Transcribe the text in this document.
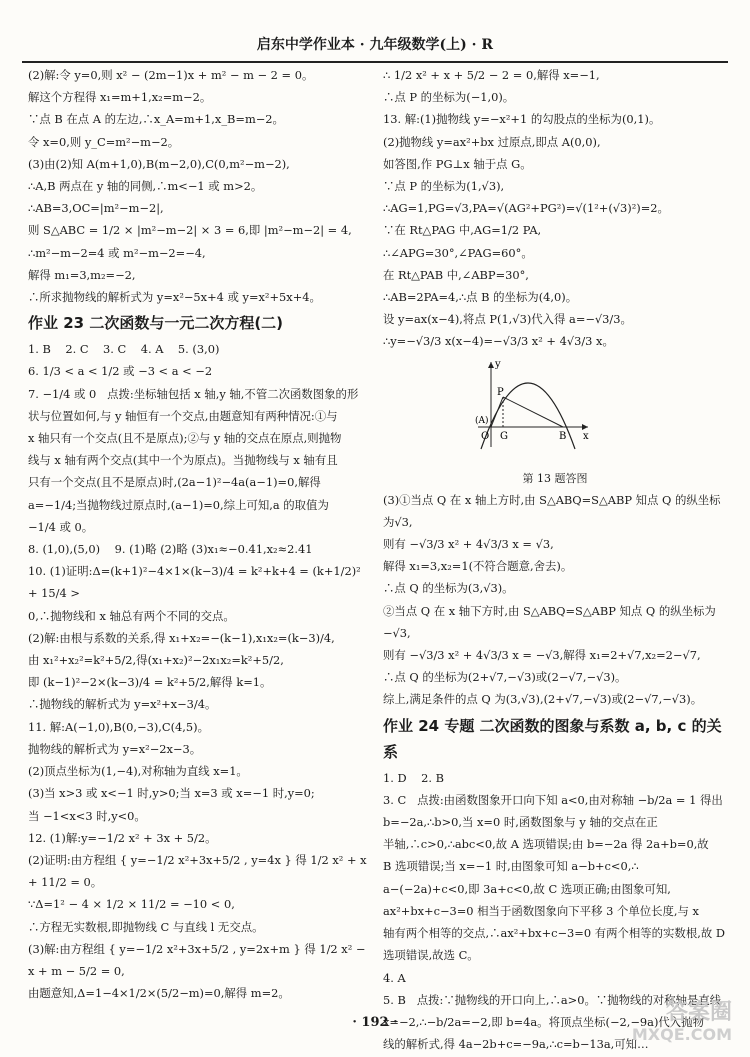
启东中学作业本 · 九年级数学(上) · R
(2)解:令 y=0,则 x² − (2m−1)x + m² − m − 2 = 0。
解这个方程得 x₁=m+1,x₂=m−2。
∵点 B 在点 A 的左边,∴x_A=m+1,x_B=m−2。
令 x=0,则 y_C=m²−m−2。
(3)由(2)知 A(m+1,0),B(m−2,0),C(0,m²−m−2),
∴A,B 两点在 y 轴的同侧,∴m<−1 或 m>2。
∴AB=3,OC=|m²−m−2|,
则 S△ABC = 1/2 × |m²−m−2| × 3 = 6,即 |m²−m−2| = 4,
∴m²−m−2=4 或 m²−m−2=−4,
解得 m₁=3,m₂=−2,
∴所求抛物线的解析式为 y=x²−5x+4 或 y=x²+5x+4。
作业 23 二次函数与一元二次方程(二)
1. B    2. C    3. C    4. A    5. (3,0)
6. 1/3 < a < 1/2 或 −3 < a < −2
7. −1/4 或 0   点拨:坐标轴包括 x 轴,y 轴,不管二次函数图象的形
状与位置如何,与 y 轴恒有一个交点,由题意知有两种情况:①与
x 轴只有一个交点(且不是原点);②与 y 轴的交点在原点,则抛物
线与 x 轴有两个交点(其中一个为原点)。当抛物线与 x 轴有且
只有一个交点(且不是原点)时,(2a−1)²−4a(a−1)=0,解得
a=−1/4;当抛物线过原点时,(a−1)=0,综上可知,a 的取值为
−1/4 或 0。
8. (1,0),(5,0)    9. (1)略 (2)略 (3)x₁≈−0.41,x₂≈2.41
10. (1)证明:Δ=(k+1)²−4×1×(k−3)/4 = k²+k+4 = (k+1/2)² + 15/4 >
0,∴抛物线和 x 轴总有两个不同的交点。
(2)解:由根与系数的关系,得 x₁+x₂=−(k−1),x₁x₂=(k−3)/4,
由 x₁²+x₂²=k²+5/2,得(x₁+x₂)²−2x₁x₂=k²+5/2,
即 (k−1)²−2×(k−3)/4 = k²+5/2,解得 k=1。
∴抛物线的解析式为 y=x²+x−3/4。
11. 解:A(−1,0),B(0,−3),C(4,5)。
抛物线的解析式为 y=x²−2x−3。
(2)顶点坐标为(1,−4),对称轴为直线 x=1。
(3)当 x>3 或 x<−1 时,y>0;当 x=3 或 x=−1 时,y=0;
当 −1<x<3 时,y<0。
12. (1)解:y=−1/2 x² + 3x + 5/2。
(2)证明:由方程组 { y=−1/2 x²+3x+5/2 , y=4x } 得 1/2 x² + x + 11/2 = 0。
∵Δ=1² − 4 × 1/2 × 11/2 = −10 < 0,
∴方程无实数根,即抛物线 C 与直线 l 无交点。
(3)解:由方程组 { y=−1/2 x²+3x+5/2 , y=2x+m } 得 1/2 x² − x + m − 5/2 = 0,
由题意知,Δ=1−4×1/2×(5/2−m)=0,解得 m=2。
∴ 1/2 x² + x + 5/2 − 2 = 0,解得 x=−1,
∴点 P 的坐标为(−1,0)。
13. 解:(1)抛物线 y=−x²+1 的勾股点的坐标为(0,1)。
(2)抛物线 y=ax²+bx 过原点,即点 A(0,0),
如答图,作 PG⊥x 轴于点 G。
∵点 P 的坐标为(1,√3),
∴AG=1,PG=√3,PA=√(AG²+PG²)=√(1²+(√3)²)=2。
∵在 Rt△PAG 中,AG=1/2 PA,
∴∠APG=30°,∠PAG=60°。
在 Rt△PAB 中,∠ABP=30°,
∴AB=2PA=4,∴点 B 的坐标为(4,0)。
设 y=ax(x−4),将点 P(1,√3)代入得 a=−√3/3。
∴y=−√3/3 x(x−4)=−√3/3 x² + 4√3/3 x。
y
x
O
(A)
P
G	B
第 13 题答图
(3)①当点 Q 在 x 轴上方时,由 S△ABQ=S△ABP 知点 Q 的纵坐标为√3,
则有 −√3/3 x² + 4√3/3 x = √3,
解得 x₁=3,x₂=1(不符合题意,舍去)。
∴点 Q 的坐标为(3,√3)。
②当点 Q 在 x 轴下方时,由 S△ABQ=S△ABP 知点 Q 的纵坐标为 −√3,
则有 −√3/3 x² + 4√3/3 x = −√3,解得 x₁=2+√7,x₂=2−√7,
∴点 Q 的坐标为(2+√7,−√3)或(2−√7,−√3)。
综上,满足条件的点 Q 为(3,√3),(2+√7,−√3)或(2−√7,−√3)。
作业 24 专题 二次函数的图象与系数 a, b, c 的关系
1. D    2. B
3. C   点拨:由函数图象开口向下知 a<0,由对称轴 −b/2a = 1 得出
b=−2a,∴b>0,当 x=0 时,函数图象与 y 轴的交点在正
半轴,∴c>0,∴abc<0,故 A 选项错误;由 b=−2a 得 2a+b=0,故
B 选项错误;当 x=−1 时,由图象可知 a−b+c<0,∴
a−(−2a)+c<0,即 3a+c<0,故 C 选项正确;由图象可知,
ax²+bx+c−3=0 相当于函数图象向下平移 3 个单位长度,与 x
轴有两个相等的交点,∴ax²+bx+c−3=0 有两个相等的实数根,故 D
选项错误,故选 C。
4. A
5. B   点拨:∵抛物线的开口向上,∴a>0。∵抛物线的对称轴是直线
x=−2,∴−b/2a=−2,即 b=4a。将顶点坐标(−2,−9a)代入抛物
线的解析式,得 4a−2b+c=−9a,∴c=b−13a,可知…
· 192 ·	答案圈
MXQE.COM
